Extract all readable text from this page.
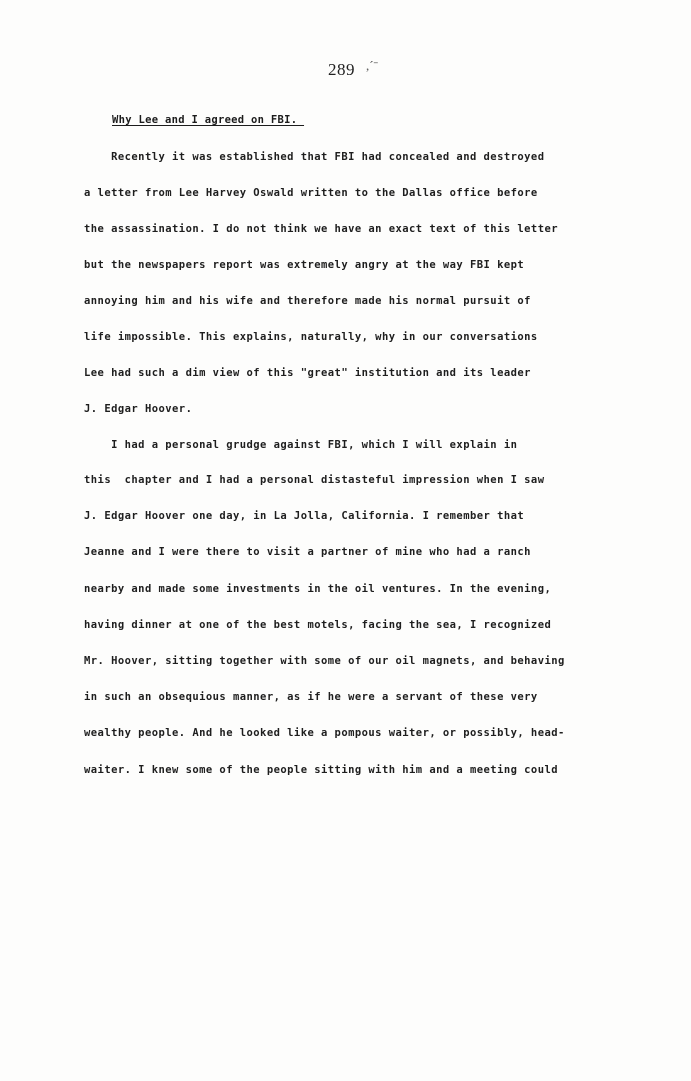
289 ,´ˉ
Why Lee and I agreed on FBI.
Recently it was established that FBI had concealed and destroyed
a letter from Lee Harvey Oswald written to the Dallas office before
the assassination. I do not think we have an exact text of this letter
but the newspapers report was extremely angry at the way FBI kept
annoying him and his wife and therefore made his normal pursuit of
life impossible. This explains, naturally, why in our conversations
Lee had such a dim view of this "great" institution and its leader
J. Edgar Hoover.
I had a personal grudge against FBI, which I will explain in
this  chapter and I had a personal distasteful impression when I saw
J. Edgar Hoover one day, in La Jolla, California. I remember that
Jeanne and I were there to visit a partner of mine who had a ranch
nearby and made some investments in the oil ventures. In the evening,
having dinner at one of the best motels, facing the sea, I recognized
Mr. Hoover, sitting together with some of our oil magnets, and behaving
in such an obsequious manner, as if he were a servant of these very
wealthy people. And he looked like a pompous waiter, or possibly, head-
waiter. I knew some of the people sitting with him and a meeting could
